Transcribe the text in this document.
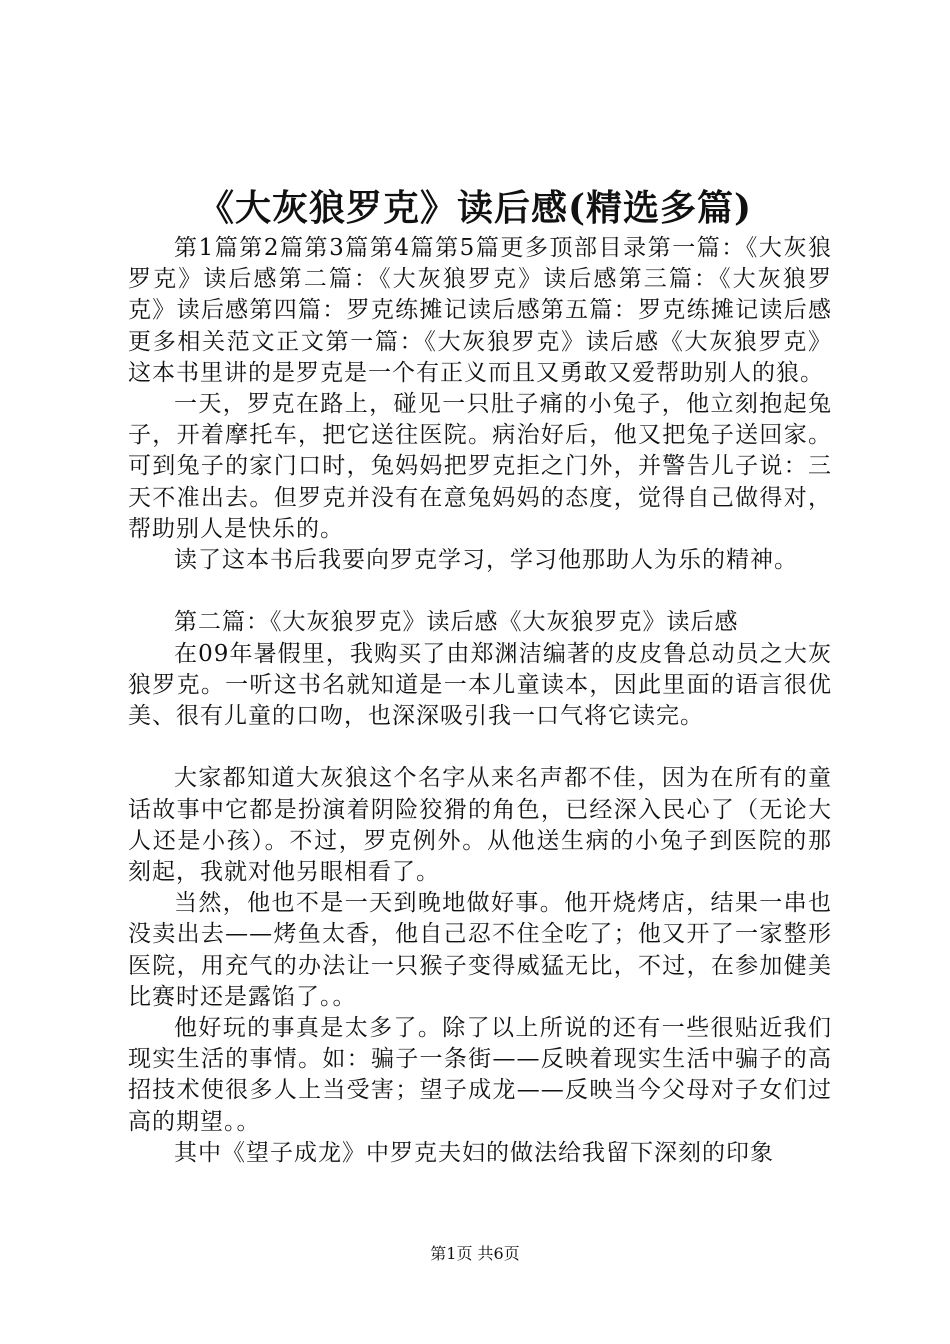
《大灰狼罗克》读后感(精选多篇)

第1篇第2篇第3篇第4篇第5篇更多顶部目录第一篇：《大灰狼罗克》读后感第二篇：《大灰狼罗克》读后感第三篇：《大灰狼罗克》读后感第四篇：罗克练摊记读后感第五篇：罗克练摊记读后感更多相关范文正文第一篇：《大灰狼罗克》读后感《大灰狼罗克》这本书里讲的是罗克是一个有正义而且又勇敢又爱帮助别人的狼。

一天，罗克在路上，碰见一只肚子痛的小兔子，他立刻抱起兔子，开着摩托车，把它送往医院。病治好后，他又把兔子送回家。可到兔子的家门口时，兔妈妈把罗克拒之门外，并警告儿子说：三天不准出去。但罗克并没有在意兔妈妈的态度，觉得自己做得对，帮助别人是快乐的。

读了这本书后我要向罗克学习，学习他那助人为乐的精神。

第二篇：《大灰狼罗克》读后感《大灰狼罗克》读后感

在09年暑假里，我购买了由郑渊洁编著的皮皮鲁总动员之大灰狼罗克。一听这书名就知道是一本儿童读本，因此里面的语言很优美、很有儿童的口吻，也深深吸引我一口气将它读完。

大家都知道大灰狼这个名字从来名声都不佳，因为在所有的童话故事中它都是扮演着阴险狡猾的角色，已经深入民心了（无论大人还是小孩）。不过，罗克例外。从他送生病的小兔子到医院的那刻起，我就对他另眼相看了。

当然，他也不是一天到晚地做好事。他开烧烤店，结果一串也没卖出去——烤鱼太香，他自己忍不住全吃了；他又开了一家整形医院，用充气的办法让一只猴子变得威猛无比，不过，在参加健美比赛时还是露馅了。。

他好玩的事真是太多了。除了以上所说的还有一些很贴近我们现实生活的事情。如：骗子一条街——反映着现实生活中骗子的高招技术使很多人上当受害；望子成龙——反映当今父母对子女们过高的期望。。

其中《望子成龙》中罗克夫妇的做法给我留下深刻的印象

第1页 共6页
